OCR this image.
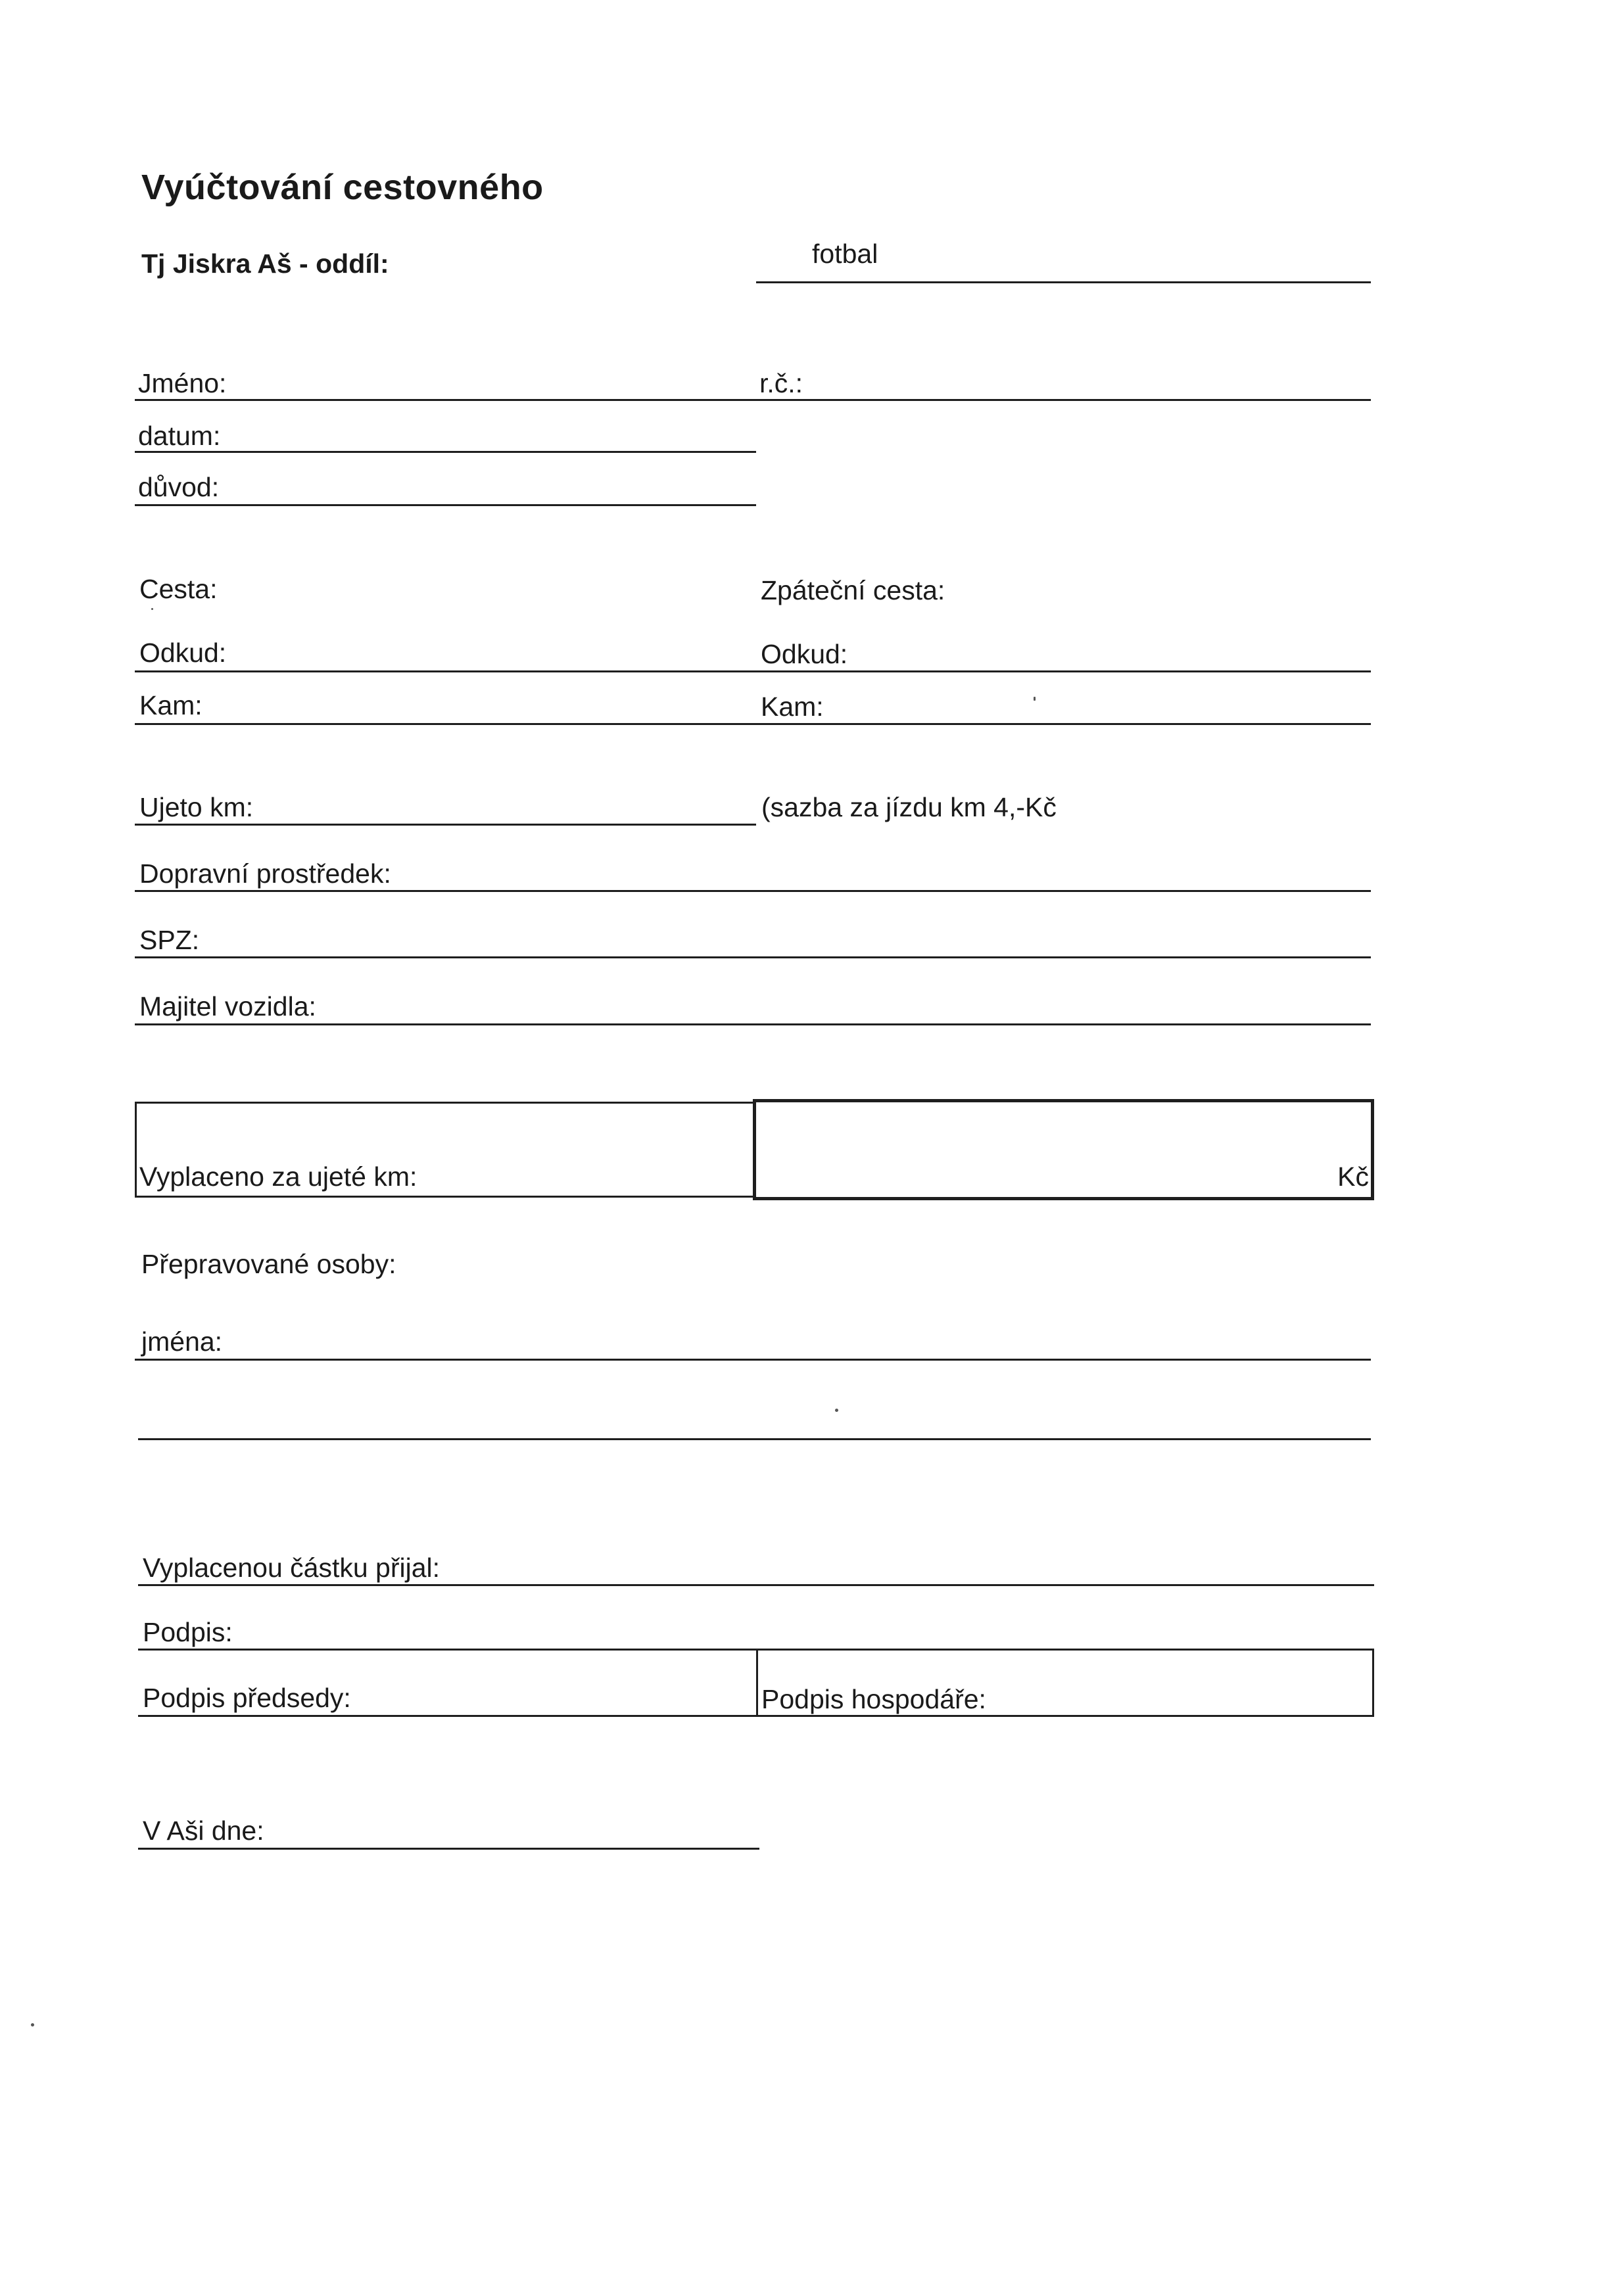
Vyúčtování cestovného
Tj Jiskra Aš - oddíl:	fotbal
Jméno:	r.č.:
datum:
důvod:
Cesta:	Zpáteční cesta:
Odkud:	Odkud:
Kam:	Kam:
Ujeto km:	(sazba za jízdu km 4,-Kč
Dopravní prostředek:
SPZ:
Majitel vozidla:
Vyplaceno za ujeté km:	Kč
Přepravované osoby:
jména:
Vyplacenou částku přijal:
Podpis:
Podpis předsedy:	Podpis hospodáře:
V Aši dne:
